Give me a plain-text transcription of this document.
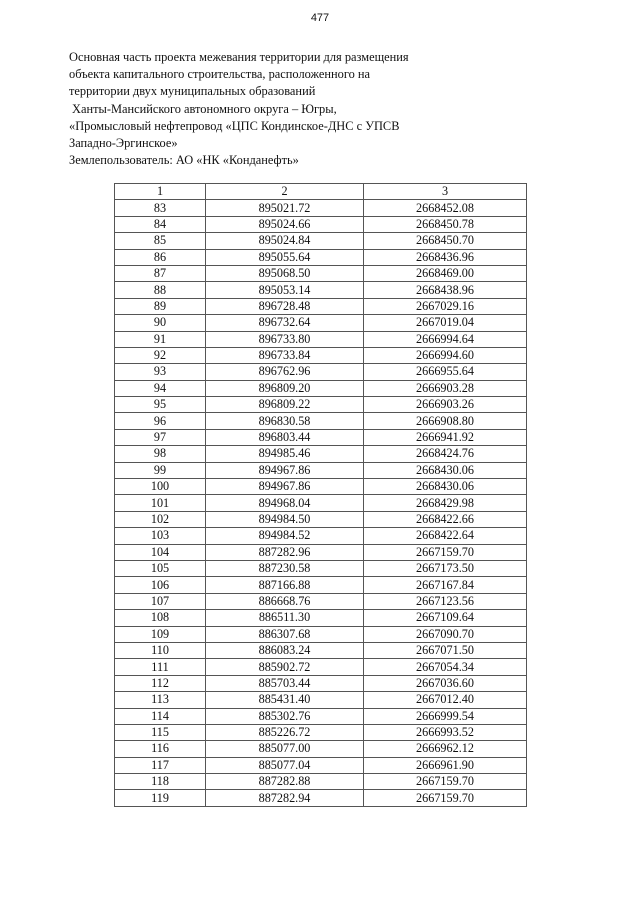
477
Основная часть проекта межевания территории для размещения
объекта капитального строительства, расположенного на
территории двух муниципальных образований
Ханты-Мансийского автономного округа – Югры,
«Промысловый нефтепровод «ЦПС Кондинское-ДНС с УПСВ
Западно-Эргинское»
Землепользователь: АО «НК «Конданефть»
1	2	3
83	895021.72	2668452.08
84	895024.66	2668450.78
85	895024.84	2668450.70
86	895055.64	2668436.96
87	895068.50	2668469.00
88	895053.14	2668438.96
89	896728.48	2667029.16
90	896732.64	2667019.04
91	896733.80	2666994.64
92	896733.84	2666994.60
93	896762.96	2666955.64
94	896809.20	2666903.28
95	896809.22	2666903.26
96	896830.58	2666908.80
97	896803.44	2666941.92
98	894985.46	2668424.76
99	894967.86	2668430.06
100	894967.86	2668430.06
101	894968.04	2668429.98
102	894984.50	2668422.66
103	894984.52	2668422.64
104	887282.96	2667159.70
105	887230.58	2667173.50
106	887166.88	2667167.84
107	886668.76	2667123.56
108	886511.30	2667109.64
109	886307.68	2667090.70
110	886083.24	2667071.50
111	885902.72	2667054.34
112	885703.44	2667036.60
113	885431.40	2667012.40
114	885302.76	2666999.54
115	885226.72	2666993.52
116	885077.00	2666962.12
117	885077.04	2666961.90
118	887282.88	2667159.70
119	887282.94	2667159.70
